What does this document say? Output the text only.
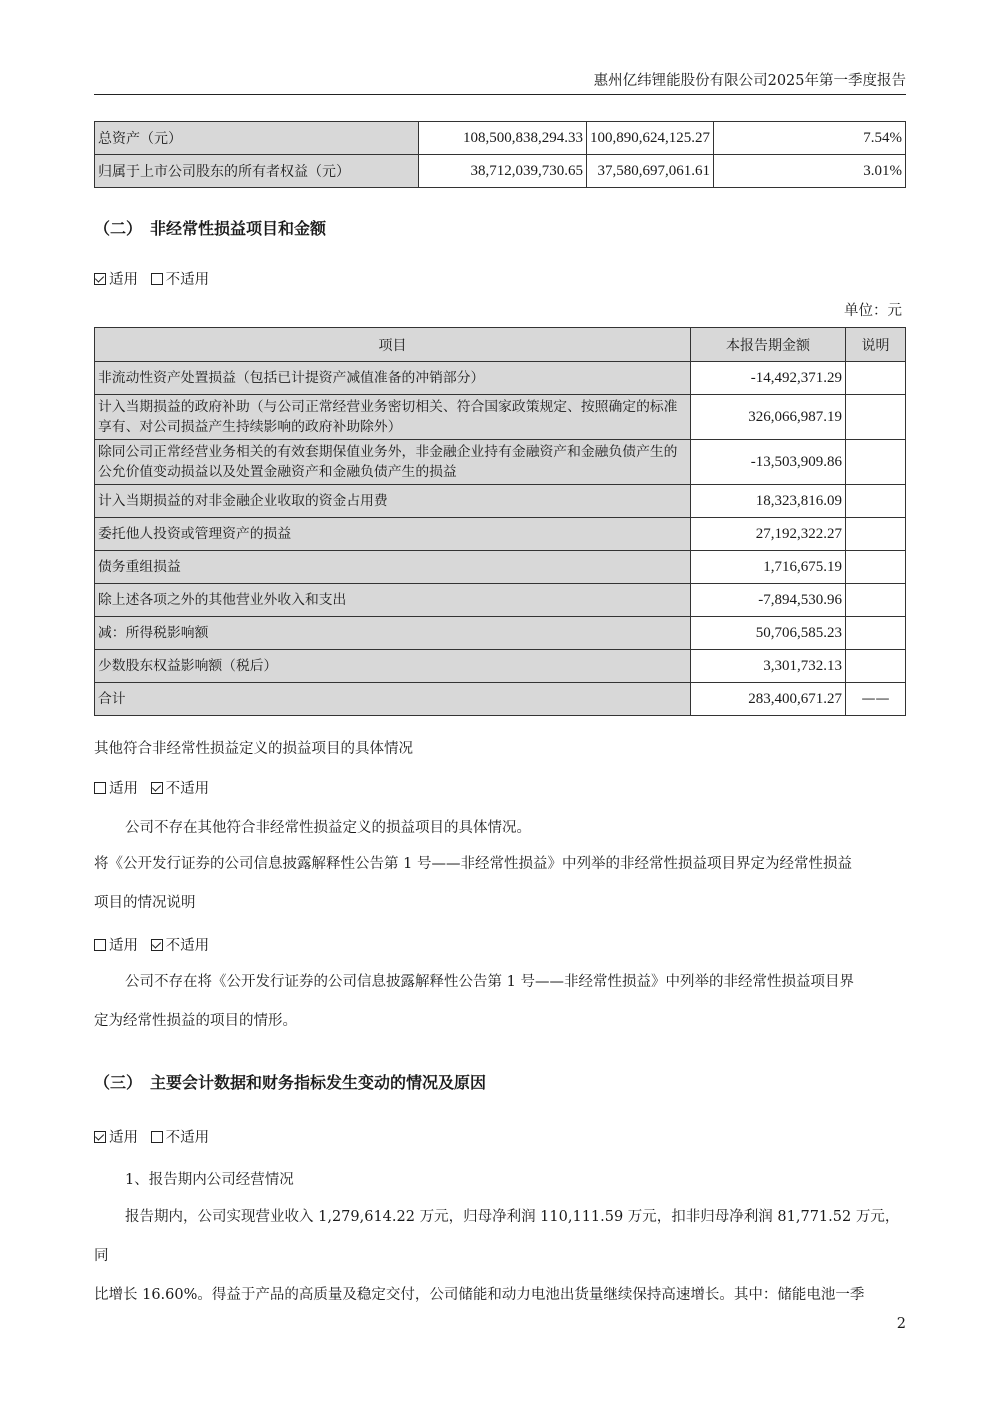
惠州亿纬锂能股份有限公司2025年第一季度报告
总资产（元）	108,500,838,294.33	100,890,624,125.27	7.54%
归属于上市公司股东的所有者权益（元）	38,712,039,730.65	37,580,697,061.61	3.01%
（二）　非经常性损益项目和金额
适用 不适用
单位：元
项目	本报告期金额	说明
非流动性资产处置损益（包括已计提资产减值准备的冲销部分）	-14,492,371.29	
计入当期损益的政府补助（与公司正常经营业务密切相关、符合国家政策规定、按照确定的标准享有、对公司损益产生持续影响的政府补助除外）	326,066,987.19	
除同公司正常经营业务相关的有效套期保值业务外，非金融企业持有金融资产和金融负债产生的公允价值变动损益以及处置金融资产和金融负债产生的损益	-13,503,909.86	
计入当期损益的对非金融企业收取的资金占用费	18,323,816.09	
委托他人投资或管理资产的损益	27,192,322.27	
债务重组损益	1,716,675.19	
除上述各项之外的其他营业外收入和支出	-7,894,530.96	
减：所得税影响额	50,706,585.23	
少数股东权益影响额（税后）	3,301,732.13	
合计	283,400,671.27	——
其他符合非经常性损益定义的损益项目的具体情况
适用 不适用
公司不存在其他符合非经常性损益定义的损益项目的具体情况。
将《公开发行证券的公司信息披露解释性公告第 1 号——非经常性损益》中列举的非经常性损益项目界定为经常性损益
项目的情况说明
适用 不适用
公司不存在将《公开发行证券的公司信息披露解释性公告第 1 号——非经常性损益》中列举的非经常性损益项目界
定为经常性损益的项目的情形。
（三）　主要会计数据和财务指标发生变动的情况及原因
适用 不适用
1、报告期内公司经营情况
报告期内，公司实现营业收入 1,279,614.22 万元，归母净利润 110,111.59 万元，扣非归母净利润 81,771.52 万元，同
比增长 16.60%。得益于产品的高质量及稳定交付，公司储能和动力电池出货量继续保持高速增长。其中：储能电池一季
2
